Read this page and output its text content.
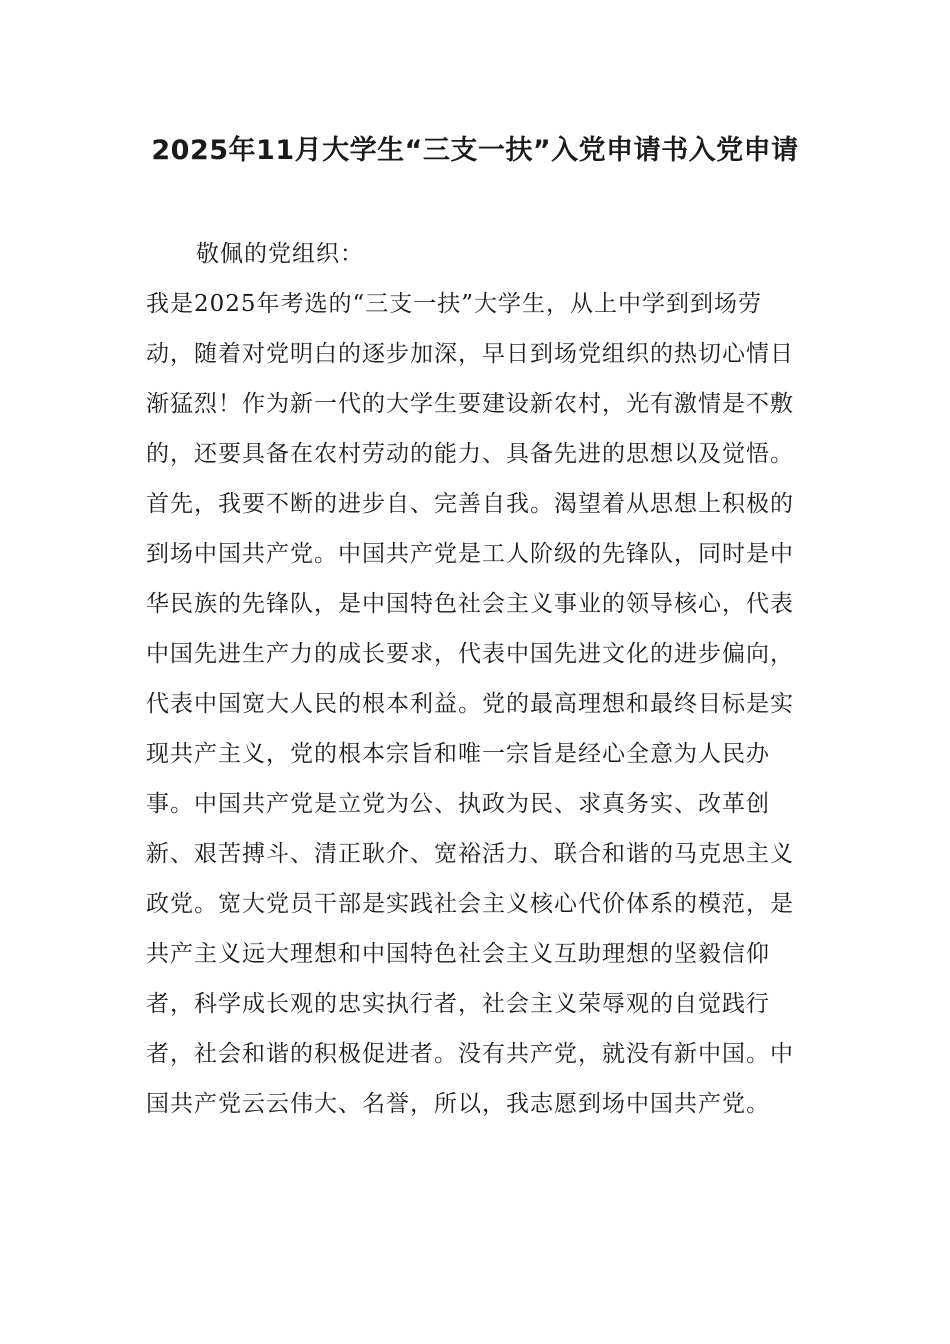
2025年11月大学生“三支一扶”入党申请书入党申请

敬佩的党组织：

我是2025年考选的“三支一扶”大学生，从上中学到到场劳动，随着对党明白的逐步加深，早日到场党组织的热切心情日渐猛烈！作为新一代的大学生要建设新农村，光有激情是不敷的，还要具备在农村劳动的能力、具备先进的思想以及觉悟。

首先，我要不断的进步自、完善自我。渴望着从思想上积极的到场中国共产党。中国共产党是工人阶级的先锋队，同时是中华民族的先锋队，是中国特色社会主义事业的领导核心，代表中国先进生产力的成长要求，代表中国先进文化的进步偏向，代表中国宽大人民的根本利益。党的最高理想和最终目标是实现共产主义，党的根本宗旨和唯一宗旨是经心全意为人民办事。中国共产党是立党为公、执政为民、求真务实、改革创新、艰苦搏斗、清正耿介、宽裕活力、联合和谐的马克思主义政党。宽大党员干部是实践社会主义核心代价体系的模范，是共产主义远大理想和中国特色社会主义互助理想的坚毅信仰者，科学成长观的忠实执行者，社会主义荣辱观的自觉践行者，社会和谐的积极促进者。没有共产党，就没有新中国。中国共产党云云伟大、名誉，所以，我志愿到场中国共产党。
